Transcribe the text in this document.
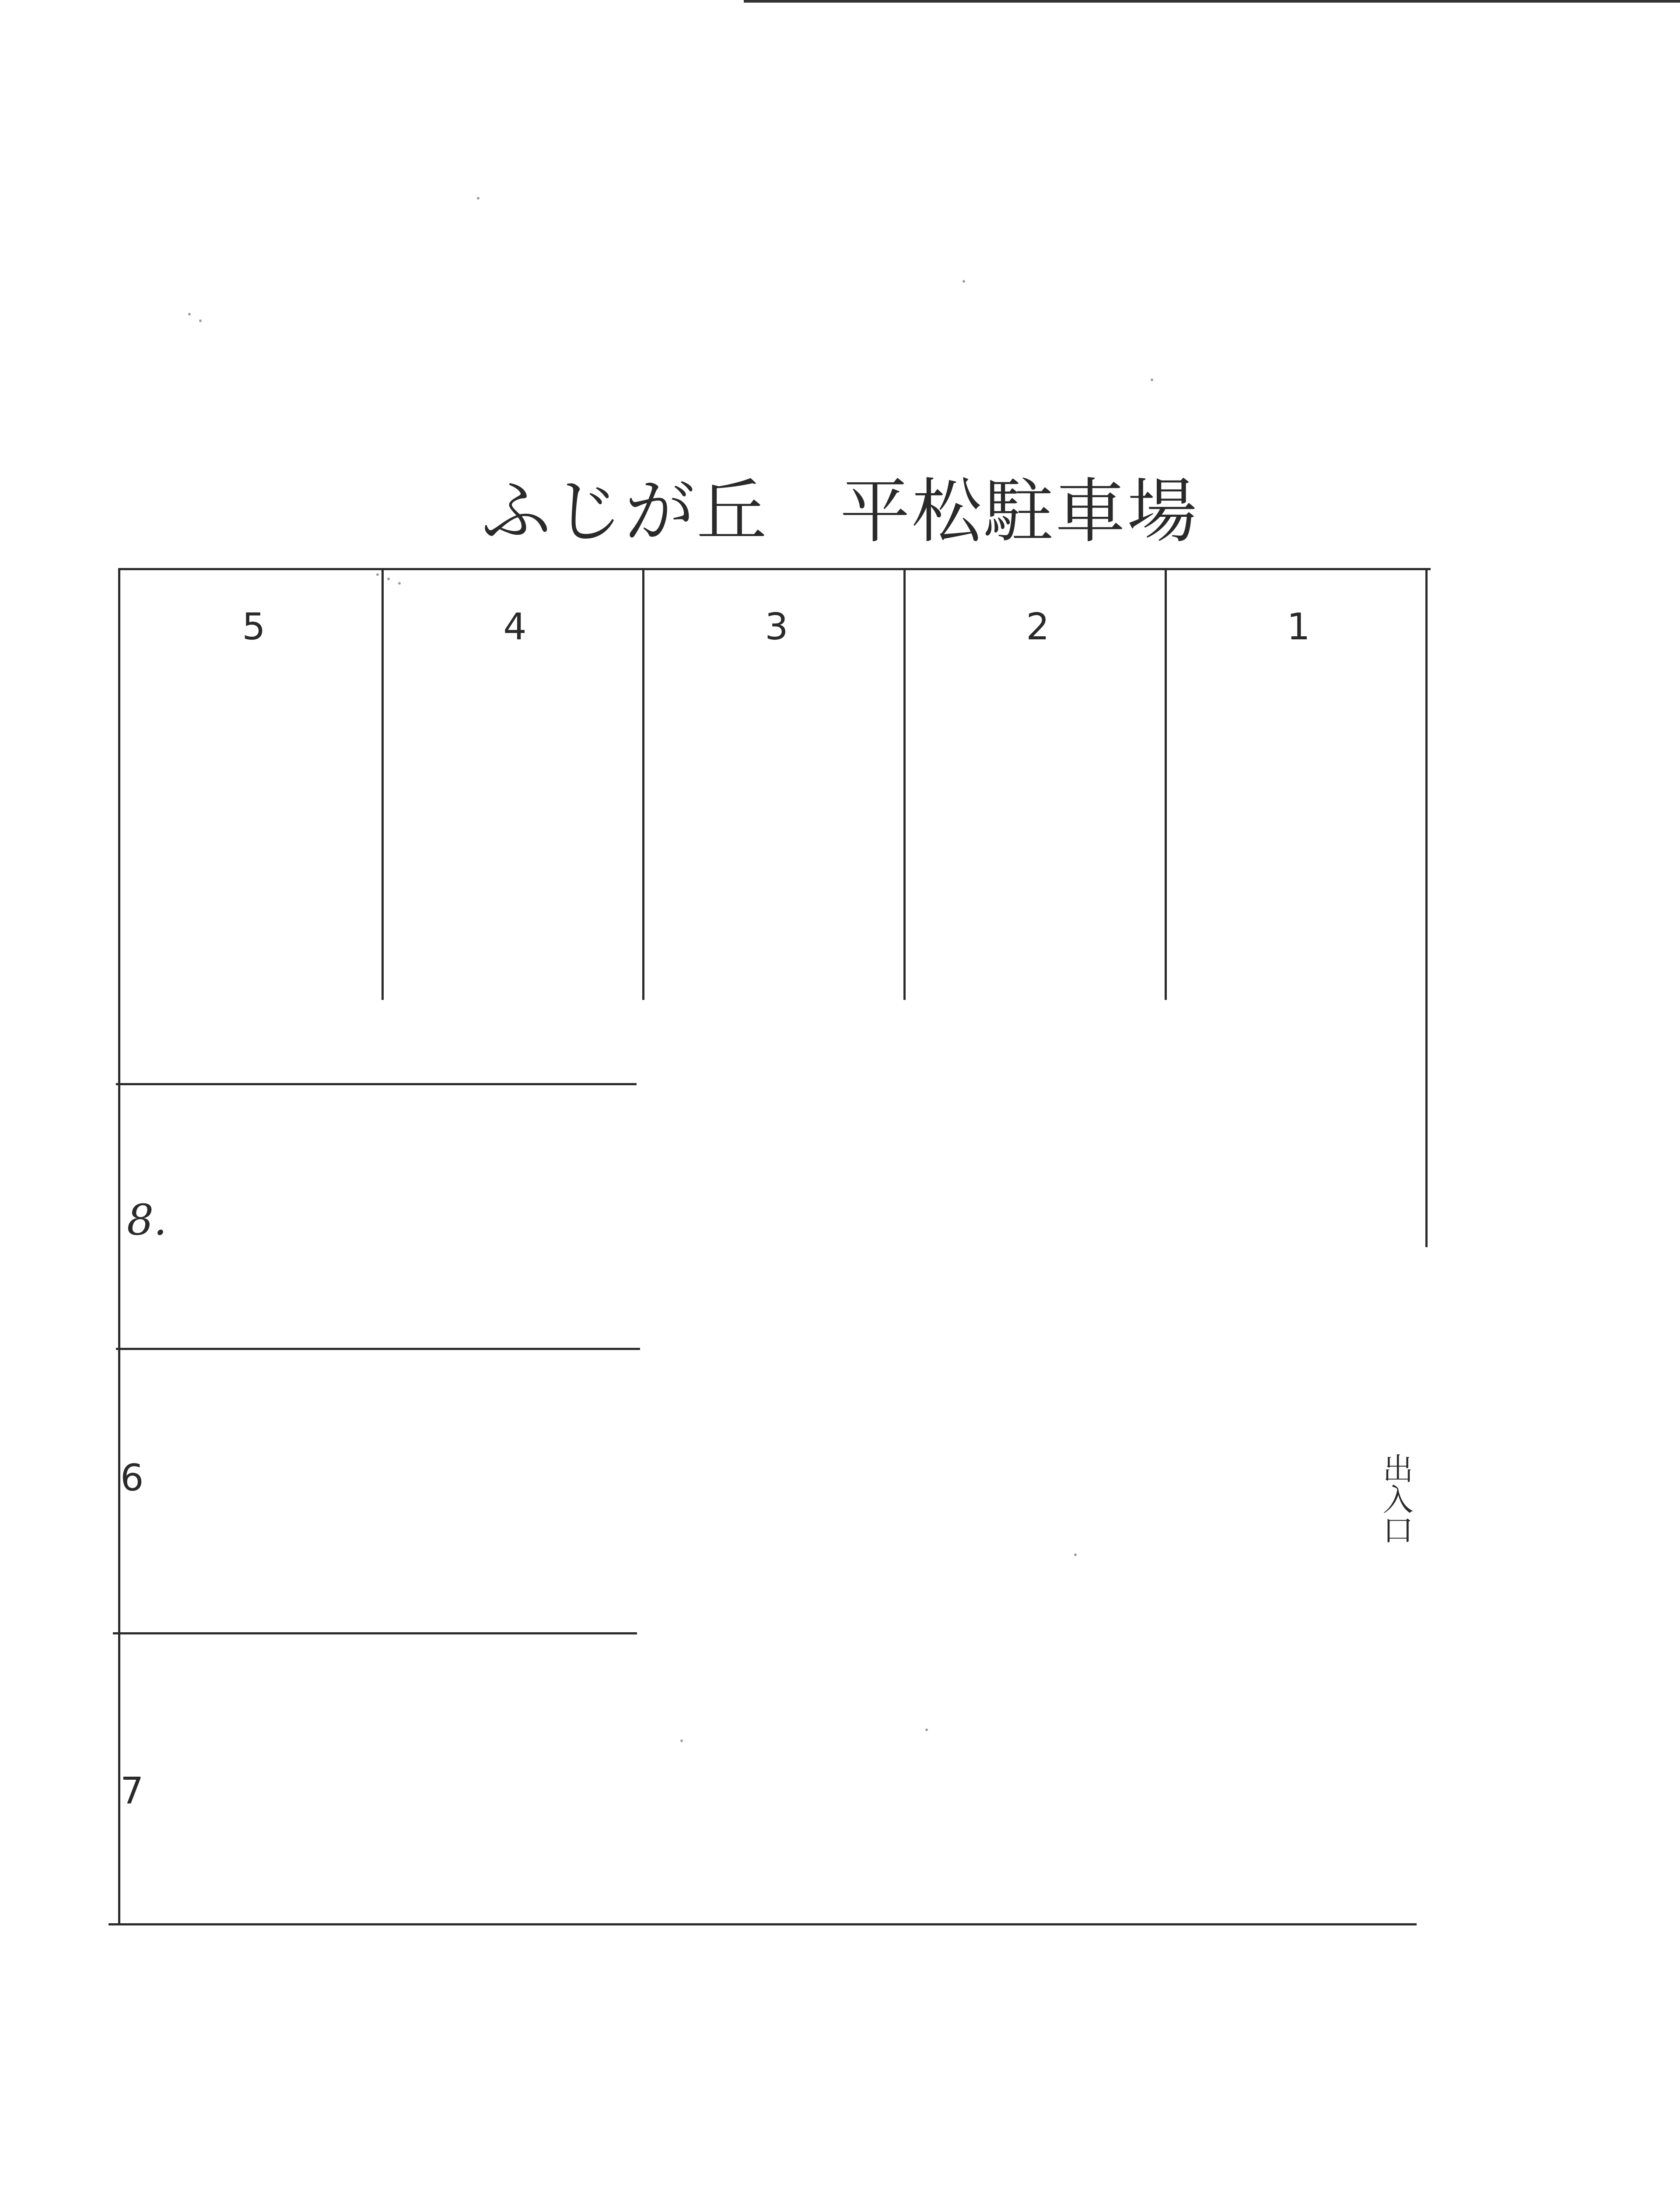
ふじが丘　平松駐車場
5	4	3	2	1
8.
6
7
出入口
